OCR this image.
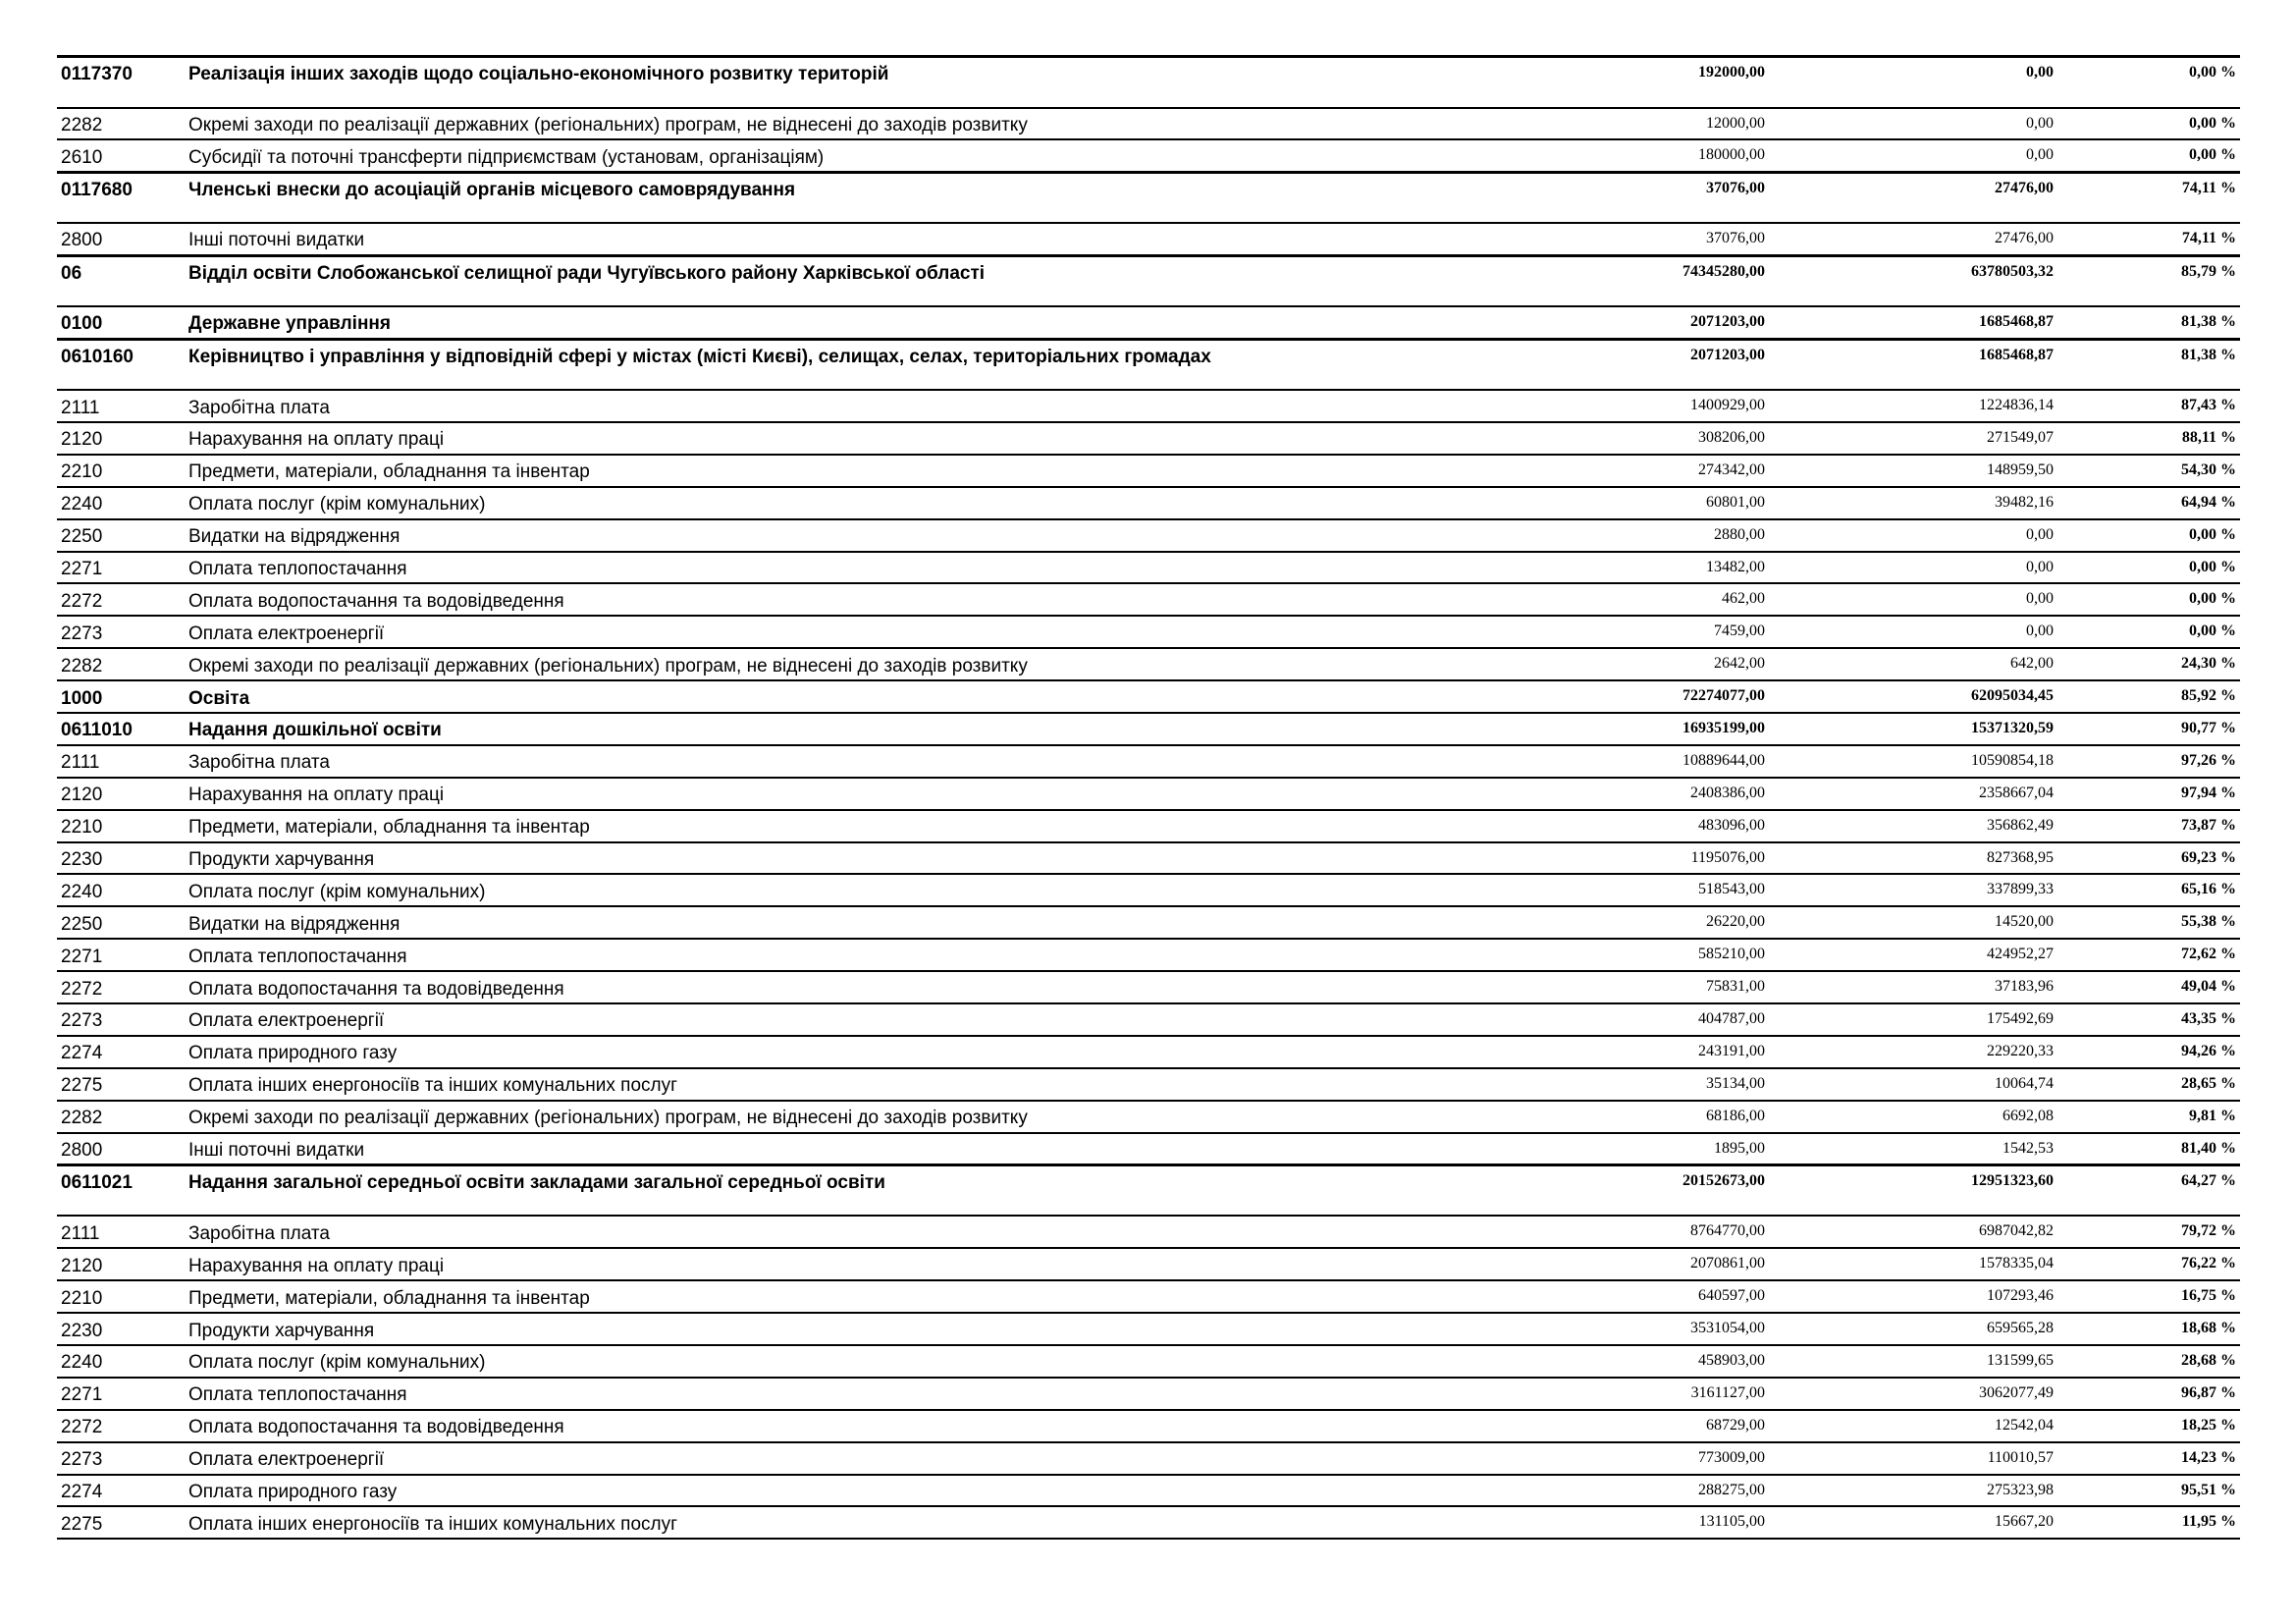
0117370	Реалізація інших заходів щодо соціально-економічного розвитку територій	192000,00	0,00	0,00 %
2282	Окремі заходи по реалізації державних (регіональних) програм, не віднесені до заходів розвитку	12000,00	0,00	0,00 %
2610	Субсидії та поточні трансферти підприємствам (установам, організаціям)	180000,00	0,00	0,00 %
0117680	Членські внески до асоціацій органів місцевого самоврядування	37076,00	27476,00	74,11 %
2800	Інші поточні видатки	37076,00	27476,00	74,11 %
06	Відділ освіти Слобожанської селищної ради Чугуївського району Харківської області	74345280,00	63780503,32	85,79 %
0100	Державне управління	2071203,00	1685468,87	81,38 %
0610160	Керівництво і управління у відповідній сфері у містах (місті Києві), селищах, селах, територіальних громадах	2071203,00	1685468,87	81,38 %
2111	Заробітна плата	1400929,00	1224836,14	87,43 %
2120	Нарахування на оплату праці	308206,00	271549,07	88,11 %
2210	Предмети, матеріали, обладнання та інвентар	274342,00	148959,50	54,30 %
2240	Оплата послуг (крім комунальних)	60801,00	39482,16	64,94 %
2250	Видатки на відрядження	2880,00	0,00	0,00 %
2271	Оплата теплопостачання	13482,00	0,00	0,00 %
2272	Оплата водопостачання та водовідведення	462,00	0,00	0,00 %
2273	Оплата електроенергії	7459,00	0,00	0,00 %
2282	Окремі заходи по реалізації державних (регіональних) програм, не віднесені до заходів розвитку	2642,00	642,00	24,30 %
1000	Освіта	72274077,00	62095034,45	85,92 %
0611010	Надання дошкільної освіти	16935199,00	15371320,59	90,77 %
2111	Заробітна плата	10889644,00	10590854,18	97,26 %
2120	Нарахування на оплату праці	2408386,00	2358667,04	97,94 %
2210	Предмети, матеріали, обладнання та інвентар	483096,00	356862,49	73,87 %
2230	Продукти харчування	1195076,00	827368,95	69,23 %
2240	Оплата послуг (крім комунальних)	518543,00	337899,33	65,16 %
2250	Видатки на відрядження	26220,00	14520,00	55,38 %
2271	Оплата теплопостачання	585210,00	424952,27	72,62 %
2272	Оплата водопостачання та водовідведення	75831,00	37183,96	49,04 %
2273	Оплата електроенергії	404787,00	175492,69	43,35 %
2274	Оплата природного газу	243191,00	229220,33	94,26 %
2275	Оплата інших енергоносіїв та інших комунальних послуг	35134,00	10064,74	28,65 %
2282	Окремі заходи по реалізації державних (регіональних) програм, не віднесені до заходів розвитку	68186,00	6692,08	9,81 %
2800	Інші поточні видатки	1895,00	1542,53	81,40 %
0611021	Надання загальної середньої освіти закладами загальної середньої освіти	20152673,00	12951323,60	64,27 %
2111	Заробітна плата	8764770,00	6987042,82	79,72 %
2120	Нарахування на оплату праці	2070861,00	1578335,04	76,22 %
2210	Предмети, матеріали, обладнання та інвентар	640597,00	107293,46	16,75 %
2230	Продукти харчування	3531054,00	659565,28	18,68 %
2240	Оплата послуг (крім комунальних)	458903,00	131599,65	28,68 %
2271	Оплата теплопостачання	3161127,00	3062077,49	96,87 %
2272	Оплата водопостачання та водовідведення	68729,00	12542,04	18,25 %
2273	Оплата електроенергії	773009,00	110010,57	14,23 %
2274	Оплата природного газу	288275,00	275323,98	95,51 %
2275	Оплата інших енергоносіїв та інших комунальних послуг	131105,00	15667,20	11,95 %
